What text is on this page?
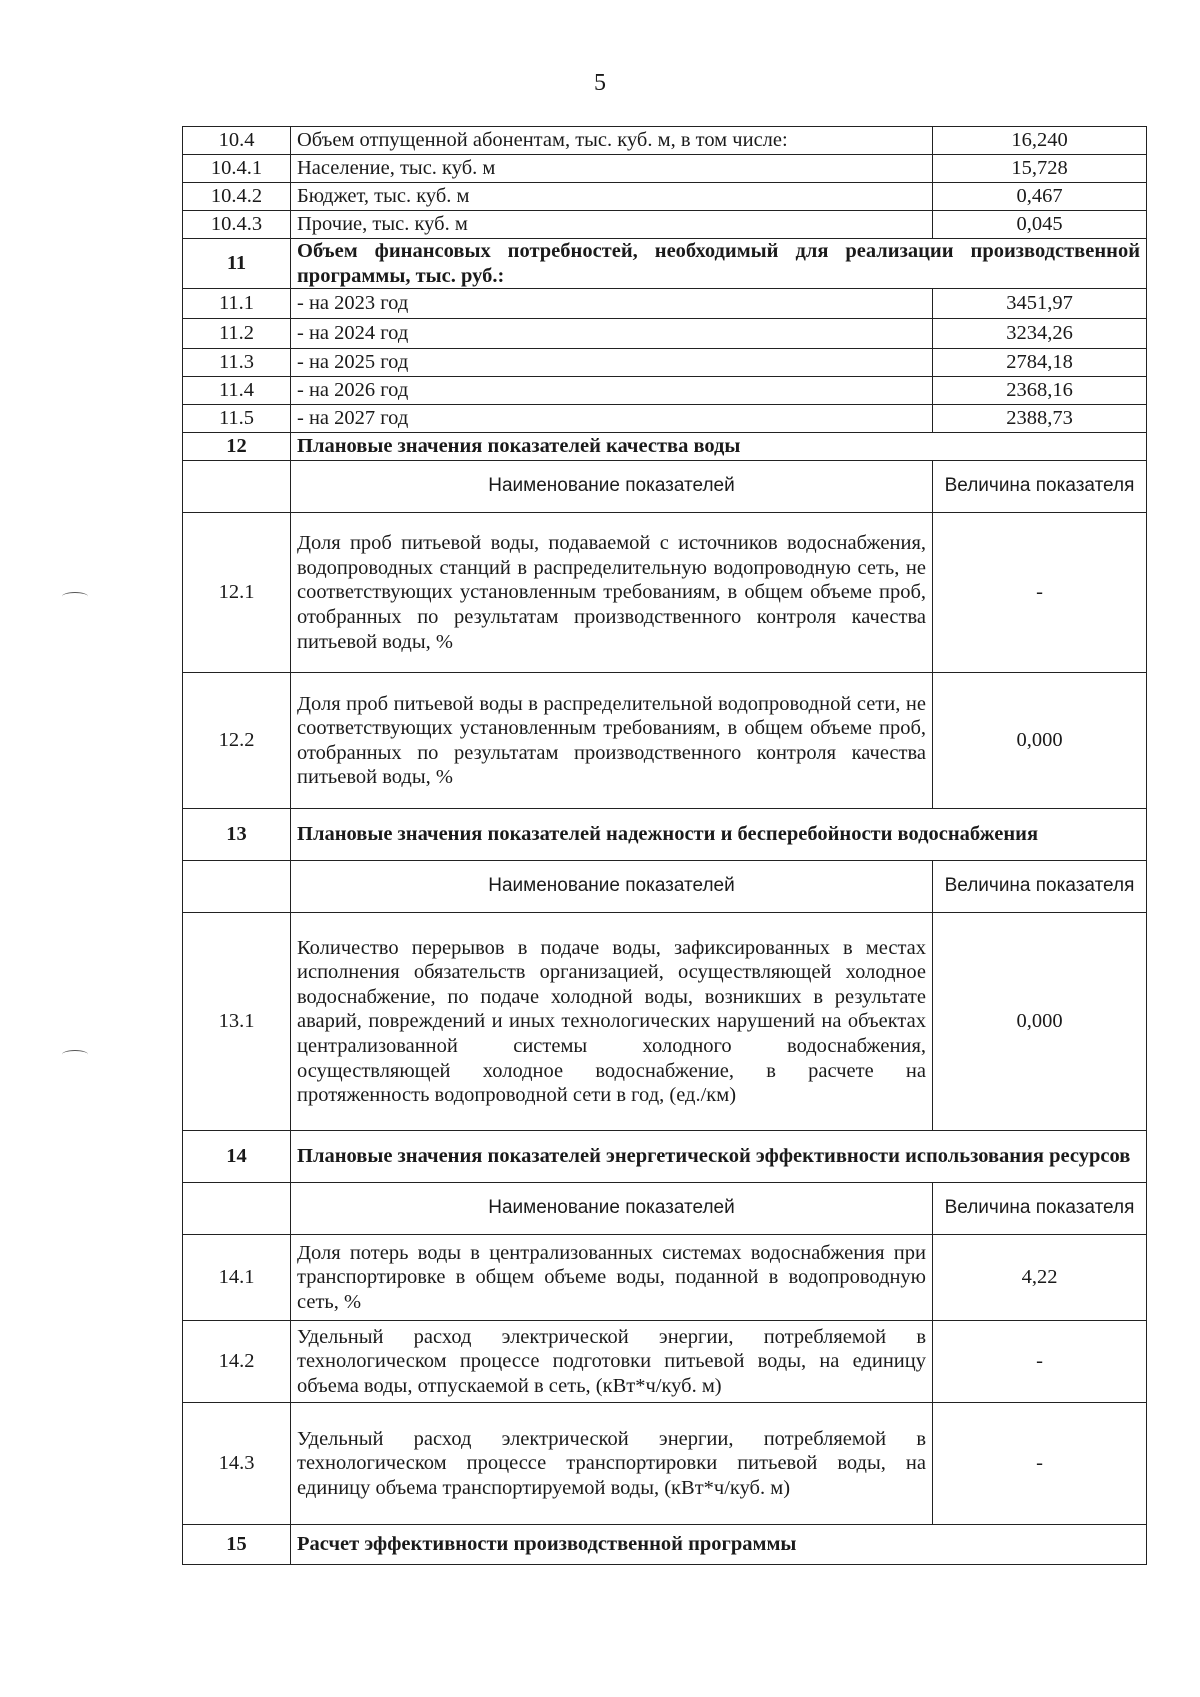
5
10.4	Объем отпущенной абонентам, тыс. куб. м, в том числе:	16,240
10.4.1	Население, тыс. куб. м	15,728
10.4.2	Бюджет, тыс. куб. м	0,467
10.4.3	Прочие, тыс. куб. м	0,045
11	Объем финансовых потребностей, необходимый для реализации производственной программы, тыс. руб.:	
11.1	- на 2023 год	3451,97
11.2	- на 2024 год	3234,26
11.3	- на 2025 год	2784,18
11.4	- на 2026 год	2368,16
11.5	- на 2027 год	2388,73
12	Плановые значения показателей качества воды	
	Наименование показателей	Величина показателя
12.1	Доля проб питьевой воды, подаваемой с источников водоснабжения, водопроводных станций в распределительную водопроводную сеть, не соответствующих установленным требованиям, в общем объеме проб, отобранных по результатам производственного контроля качества питьевой воды, %	-
12.2	Доля проб питьевой воды в распределительной водопроводной сети, не соответствующих установленным требованиям, в общем объеме проб, отобранных по результатам производственного контроля качества питьевой воды, %	0,000
13	Плановые значения показателей надежности и бесперебойности водоснабжения	
	Наименование показателей	Величина показателя
13.1	Количество перерывов в подаче воды, зафиксированных в местах исполнения обязательств организацией, осуществляющей холодное водоснабжение, по подаче холодной воды, возникших в результате аварий, повреждений и иных технологических нарушений на объектах централизованной системы холодного водоснабжения, осуществляющей холодное водоснабжение, в расчете на протяженность водопроводной сети в год, (ед./км)	0,000
14	Плановые значения показателей энергетической эффективности использования ресурсов	
	Наименование показателей	Величина показателя
14.1	Доля потерь воды в централизованных системах водоснабжения при транспортировке в общем объеме воды, поданной в водопроводную сеть, %	4,22
14.2	Удельный расход электрической энергии, потребляемой в технологическом процессе подготовки питьевой воды, на единицу объема воды, отпускаемой в сеть, (кВт*ч/куб. м)	-
14.3	Удельный расход электрической энергии, потребляемой в технологическом процессе транспортировки питьевой воды, на единицу объема транспортируемой воды, (кВт*ч/куб. м)	-
15	Расчет эффективности производственной программы	
